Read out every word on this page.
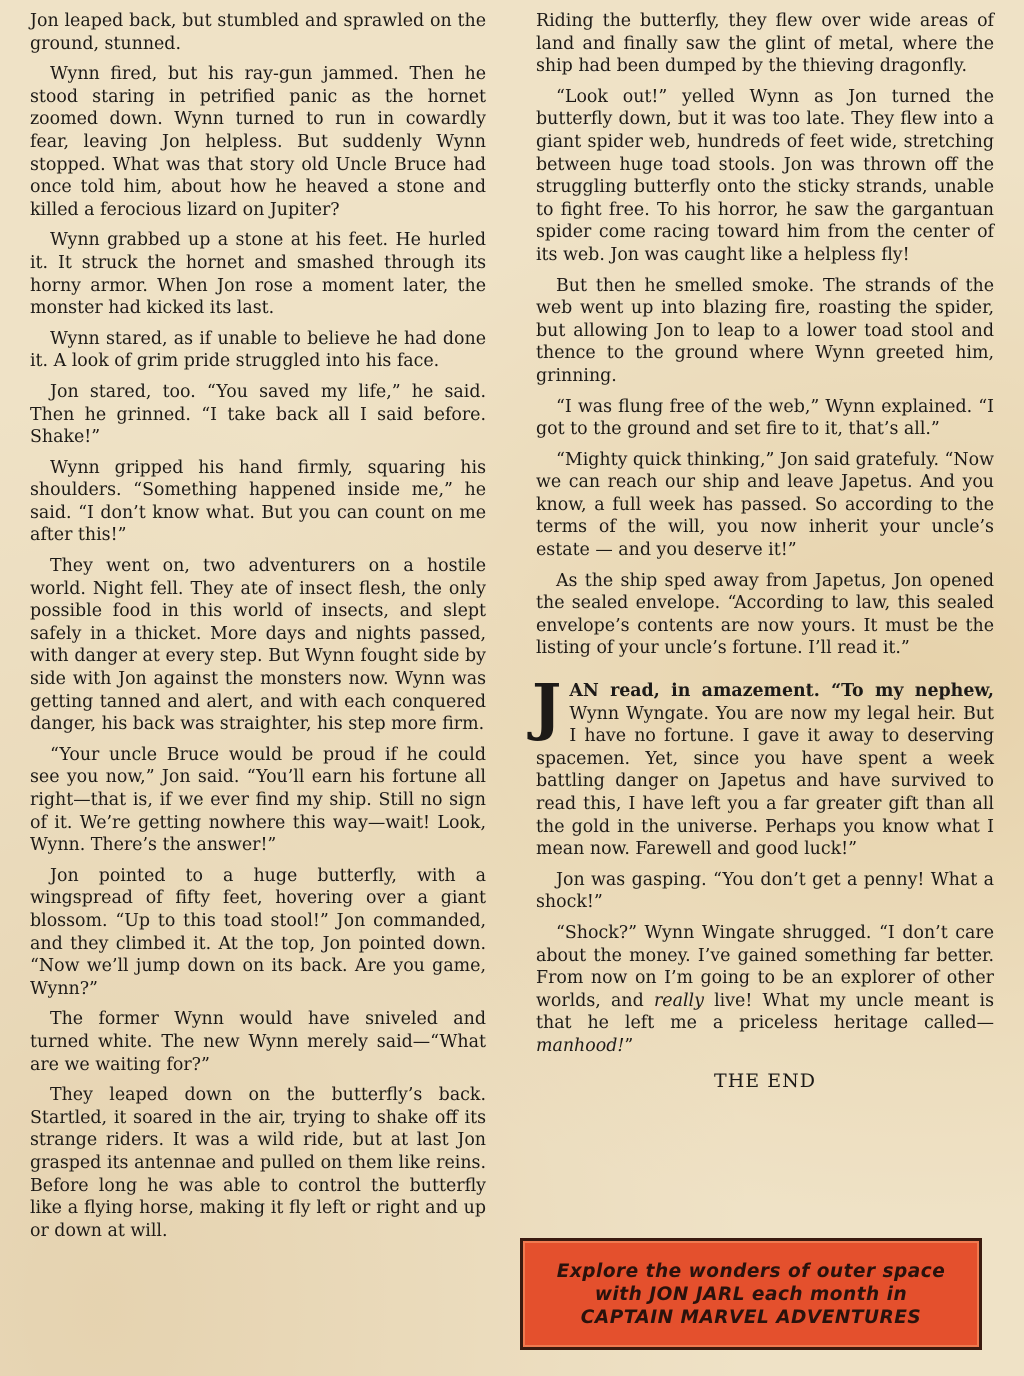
Jon leaped back, but stumbled and sprawled on the ground, stunned.

Wynn fired, but his ray-gun jammed. Then he stood staring in petrified panic as the hornet zoomed down. Wynn turned to run in cowardly fear, leaving Jon helpless. But suddenly Wynn stopped. What was that story old Uncle Bruce had once told him, about how he heaved a stone and killed a ferocious lizard on Jupiter?

Wynn grabbed up a stone at his feet. He hurled it. It struck the hornet and smashed through its horny armor. When Jon rose a moment later, the monster had kicked its last.

Wynn stared, as if unable to believe he had done it. A look of grim pride struggled into his face.

Jon stared, too. “You saved my life,” he said. Then he grinned. “I take back all I said before. Shake!”

Wynn gripped his hand firmly, squaring his shoulders. “Something happened inside me,” he said. “I don’t know what. But you can count on me after this!”

They went on, two adventurers on a hostile world. Night fell. They ate of insect flesh, the only possible food in this world of insects, and slept safely in a thicket. More days and nights passed, with danger at every step. But Wynn fought side by side with Jon against the monsters now. Wynn was getting tanned and alert, and with each conquered danger, his back was straighter, his step more firm.

“Your uncle Bruce would be proud if he could see you now,” Jon said. “You’ll earn his fortune all right—that is, if we ever find my ship. Still no sign of it. We’re getting nowhere this way—wait! Look, Wynn. There’s the answer!”

Jon pointed to a huge butterfly, with a wingspread of fifty feet, hovering over a giant blossom. “Up to this toad stool!” Jon commanded, and they climbed it. At the top, Jon pointed down. “Now we’ll jump down on its back. Are you game, Wynn?”

The former Wynn would have sniveled and turned white. The new Wynn merely said—“What are we waiting for?”

They leaped down on the butterfly’s back. Startled, it soared in the air, trying to shake off its strange riders. It was a wild ride, but at last Jon grasped its antennae and pulled on them like reins. Before long he was able to control the butterfly like a flying horse, making it fly left or right and up or down at will.

Riding the butterfly, they flew over wide areas of land and finally saw the glint of metal, where the ship had been dumped by the thieving dragonfly.

“Look out!” yelled Wynn as Jon turned the butterfly down, but it was too late. They flew into a giant spider web, hundreds of feet wide, stretching between huge toad stools. Jon was thrown off the struggling butterfly onto the sticky strands, unable to fight free. To his horror, he saw the gargantuan spider come racing toward him from the center of its web. Jon was caught like a helpless fly!

But then he smelled smoke. The strands of the web went up into blazing fire, roasting the spider, but allowing Jon to leap to a lower toad stool and thence to the ground where Wynn greeted him, grinning.

“I was flung free of the web,” Wynn explained. “I got to the ground and set fire to it, that’s all.”

“Mighty quick thinking,” Jon said gratefuly. “Now we can reach our ship and leave Japetus. And you know, a full week has passed. So according to the terms of the will, you now inherit your uncle’s estate — and you deserve it!”

As the ship sped away from Japetus, Jon opened the sealed envelope. “According to law, this sealed envelope’s contents are now yours. It must be the listing of your uncle’s fortune. I’ll read it.”

JAN read, in amazement. “To my nephew, Wynn Wyngate. You are now my legal heir. But I have no fortune. I gave it away to deserving spacemen. Yet, since you have spent a week battling danger on Japetus and have survived to read this, I have left you a far greater gift than all the gold in the universe. Perhaps you know what I mean now. Farewell and good luck!”

Jon was gasping. “You don’t get a penny! What a shock!”

“Shock?” Wynn Wingate shrugged. “I don’t care about the money. I’ve gained something far better. From now on I’m going to be an explorer of other worlds, and really live! What my uncle meant is that he left me a priceless heritage called—manhood!”

THE END
Explore the wonders of outer space
with JON JARL each month in
CAPTAIN MARVEL ADVENTURES
